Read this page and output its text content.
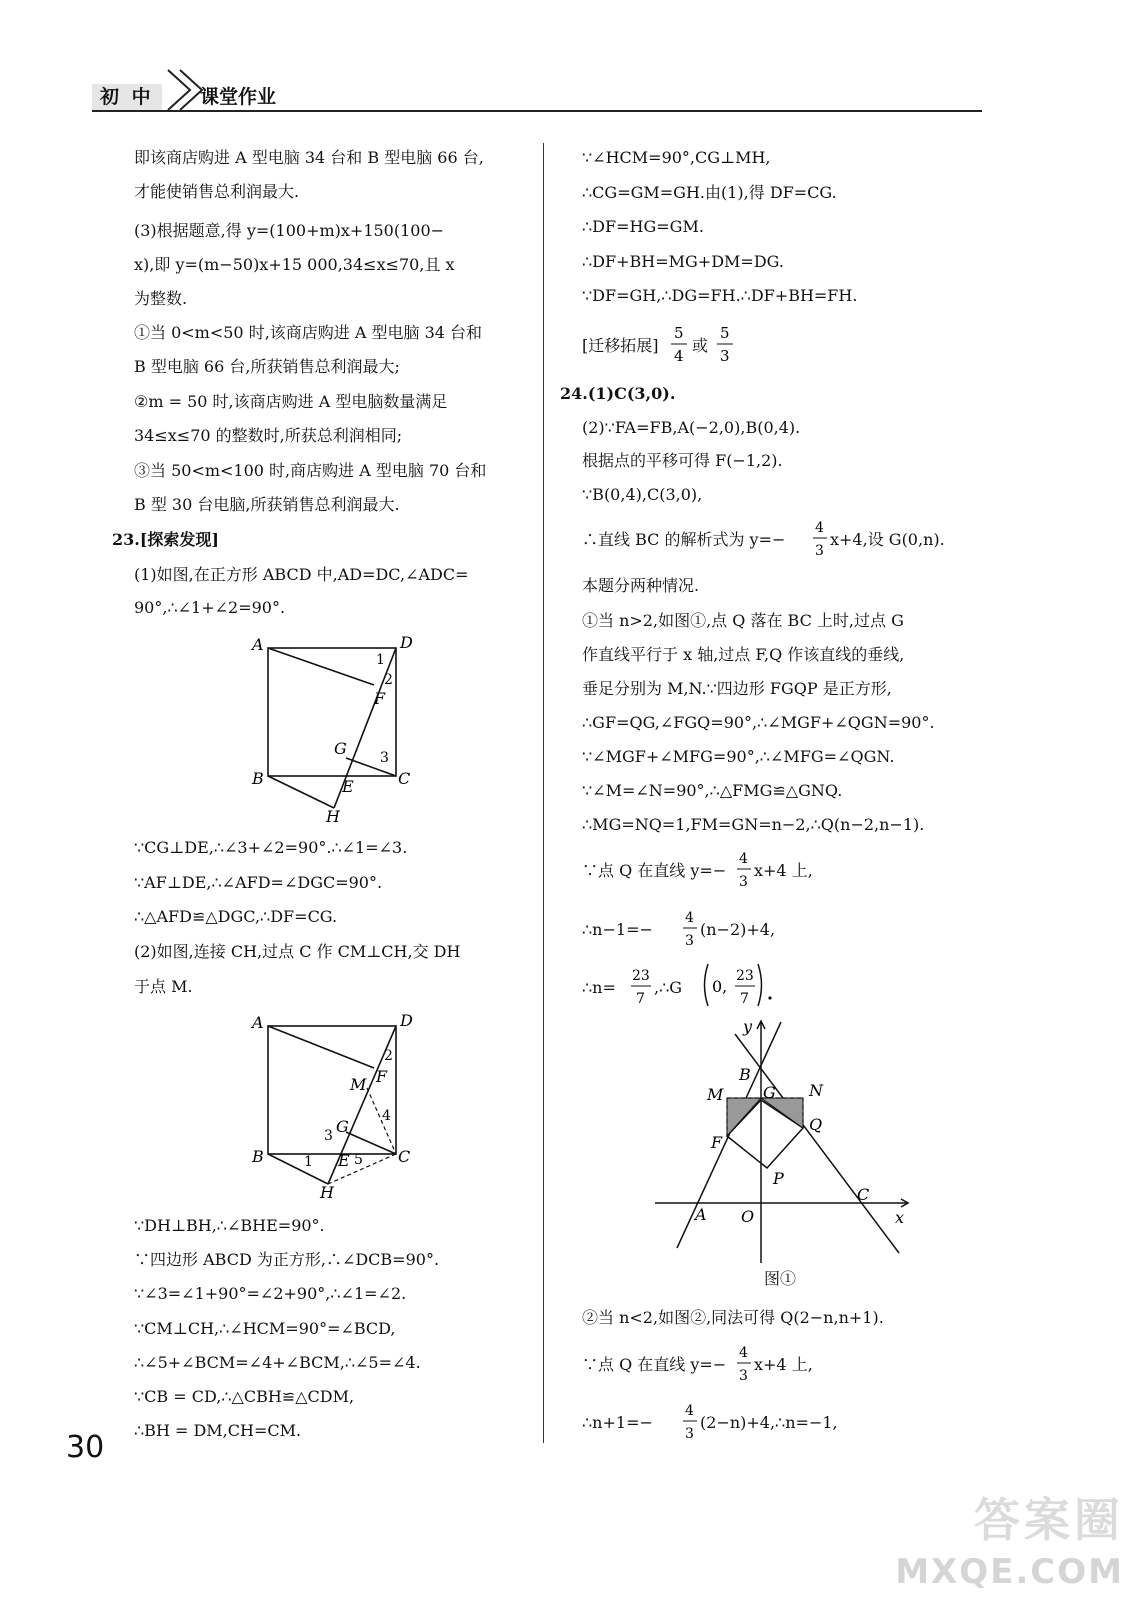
初 中	课堂作业
即该商店购进 A 型电脑 34 台和 B 型电脑 66 台,
才能使销售总利润最大.
(3)根据题意,得 y=(100+m)x+150(100−
x),即 y=(m−50)x+15 000,34≤x≤70,且 x
为整数.
①当 0<m<50 时,该商店购进 A 型电脑 34 台和
B 型电脑 66 台,所获销售总利润最大;
②m = 50 时,该商店购进 A 型电脑数量满足
34≤x≤70 的整数时,所获总利润相同;
③当 50<m<100 时,商店购进 A 型电脑 70 台和
B 型 30 台电脑,所获销售总利润最大.
23.[探索发现]
(1)如图,在正方形 ABCD 中,AD=DC,∠ADC=
90°,∴∠1+∠2=90°.
A	D
B	C
F
G
E
H
1
2
3
∵CG⊥DE,∴∠3+∠2=90°.∴∠1=∠3.
∵AF⊥DE,∴∠AFD=∠DGC=90°.
∴△AFD≌△DGC,∴DF=CG.
(2)如图,连接 CH,过点 C 作 CM⊥CH,交 DH
于点 M.
A	D
B	C
F
M
G
E
H
1
2
3
4
5
∵DH⊥BH,∴∠BHE=90°.
∵四边形 ABCD 为正方形,∴∠DCB=90°.
∵∠3=∠1+90°=∠2+90°,∴∠1=∠2.
∵CM⊥CH,∴∠HCM=90°=∠BCD,
∴∠5+∠BCM=∠4+∠BCM,∴∠5=∠4.
∵CB = CD,∴△CBH≌△CDM,
∴BH = DM,CH=CM.
∵∠HCM=90°,CG⊥MH,
∴CG=GM=GH.由(1),得 DF=CG.
∴DF=HG=GM.
∴DF+BH=MG+DM=DG.
∵DF=GH,∴DG=FH.∴DF+BH=FH.
[迁移拓展]
5
4
或
5
3
24.(1)C(3,0).
(2)∵FA=FB,A(−2,0),B(0,4).
根据点的平移可得 F(−1,2).
∵B(0,4),C(3,0),
∴直线 BC 的解析式为 y=−
4
3
x+4,设 G(0,n).
本题分两种情况.
①当 n>2,如图①,点 Q 落在 BC 上时,过点 G
作直线平行于 x 轴,过点 F,Q 作该直线的垂线,
垂足分别为 M,N.∵四边形 FGQP 是正方形,
∴GF=QG,∠FGQ=90°,∴∠MGF+∠QGN=90°.
∵∠MGF+∠MFG=90°,∴∠MFG=∠QGN.
∵∠M=∠N=90°,∴△FMG≌△GNQ.
∴MG=NQ=1,FM=GN=n−2,∴Q(n−2,n−1).
∵点 Q 在直线 y=−
4
3
x+4 上,
∴n−1=−
4
3
(n−2)+4,
∴n=
23
7
,∴G 0,
23
7
y
x
B
G N
M
Q
F
P
A O
C
图①
②当 n<2,如图②,同法可得 Q(2−n,n+1).
∵点 Q 在直线 y=−
4
3
x+4 上,
∴n+1=−
4
3
(2−n)+4,∴n=−1,
30
答案圈
MXQE.COM
